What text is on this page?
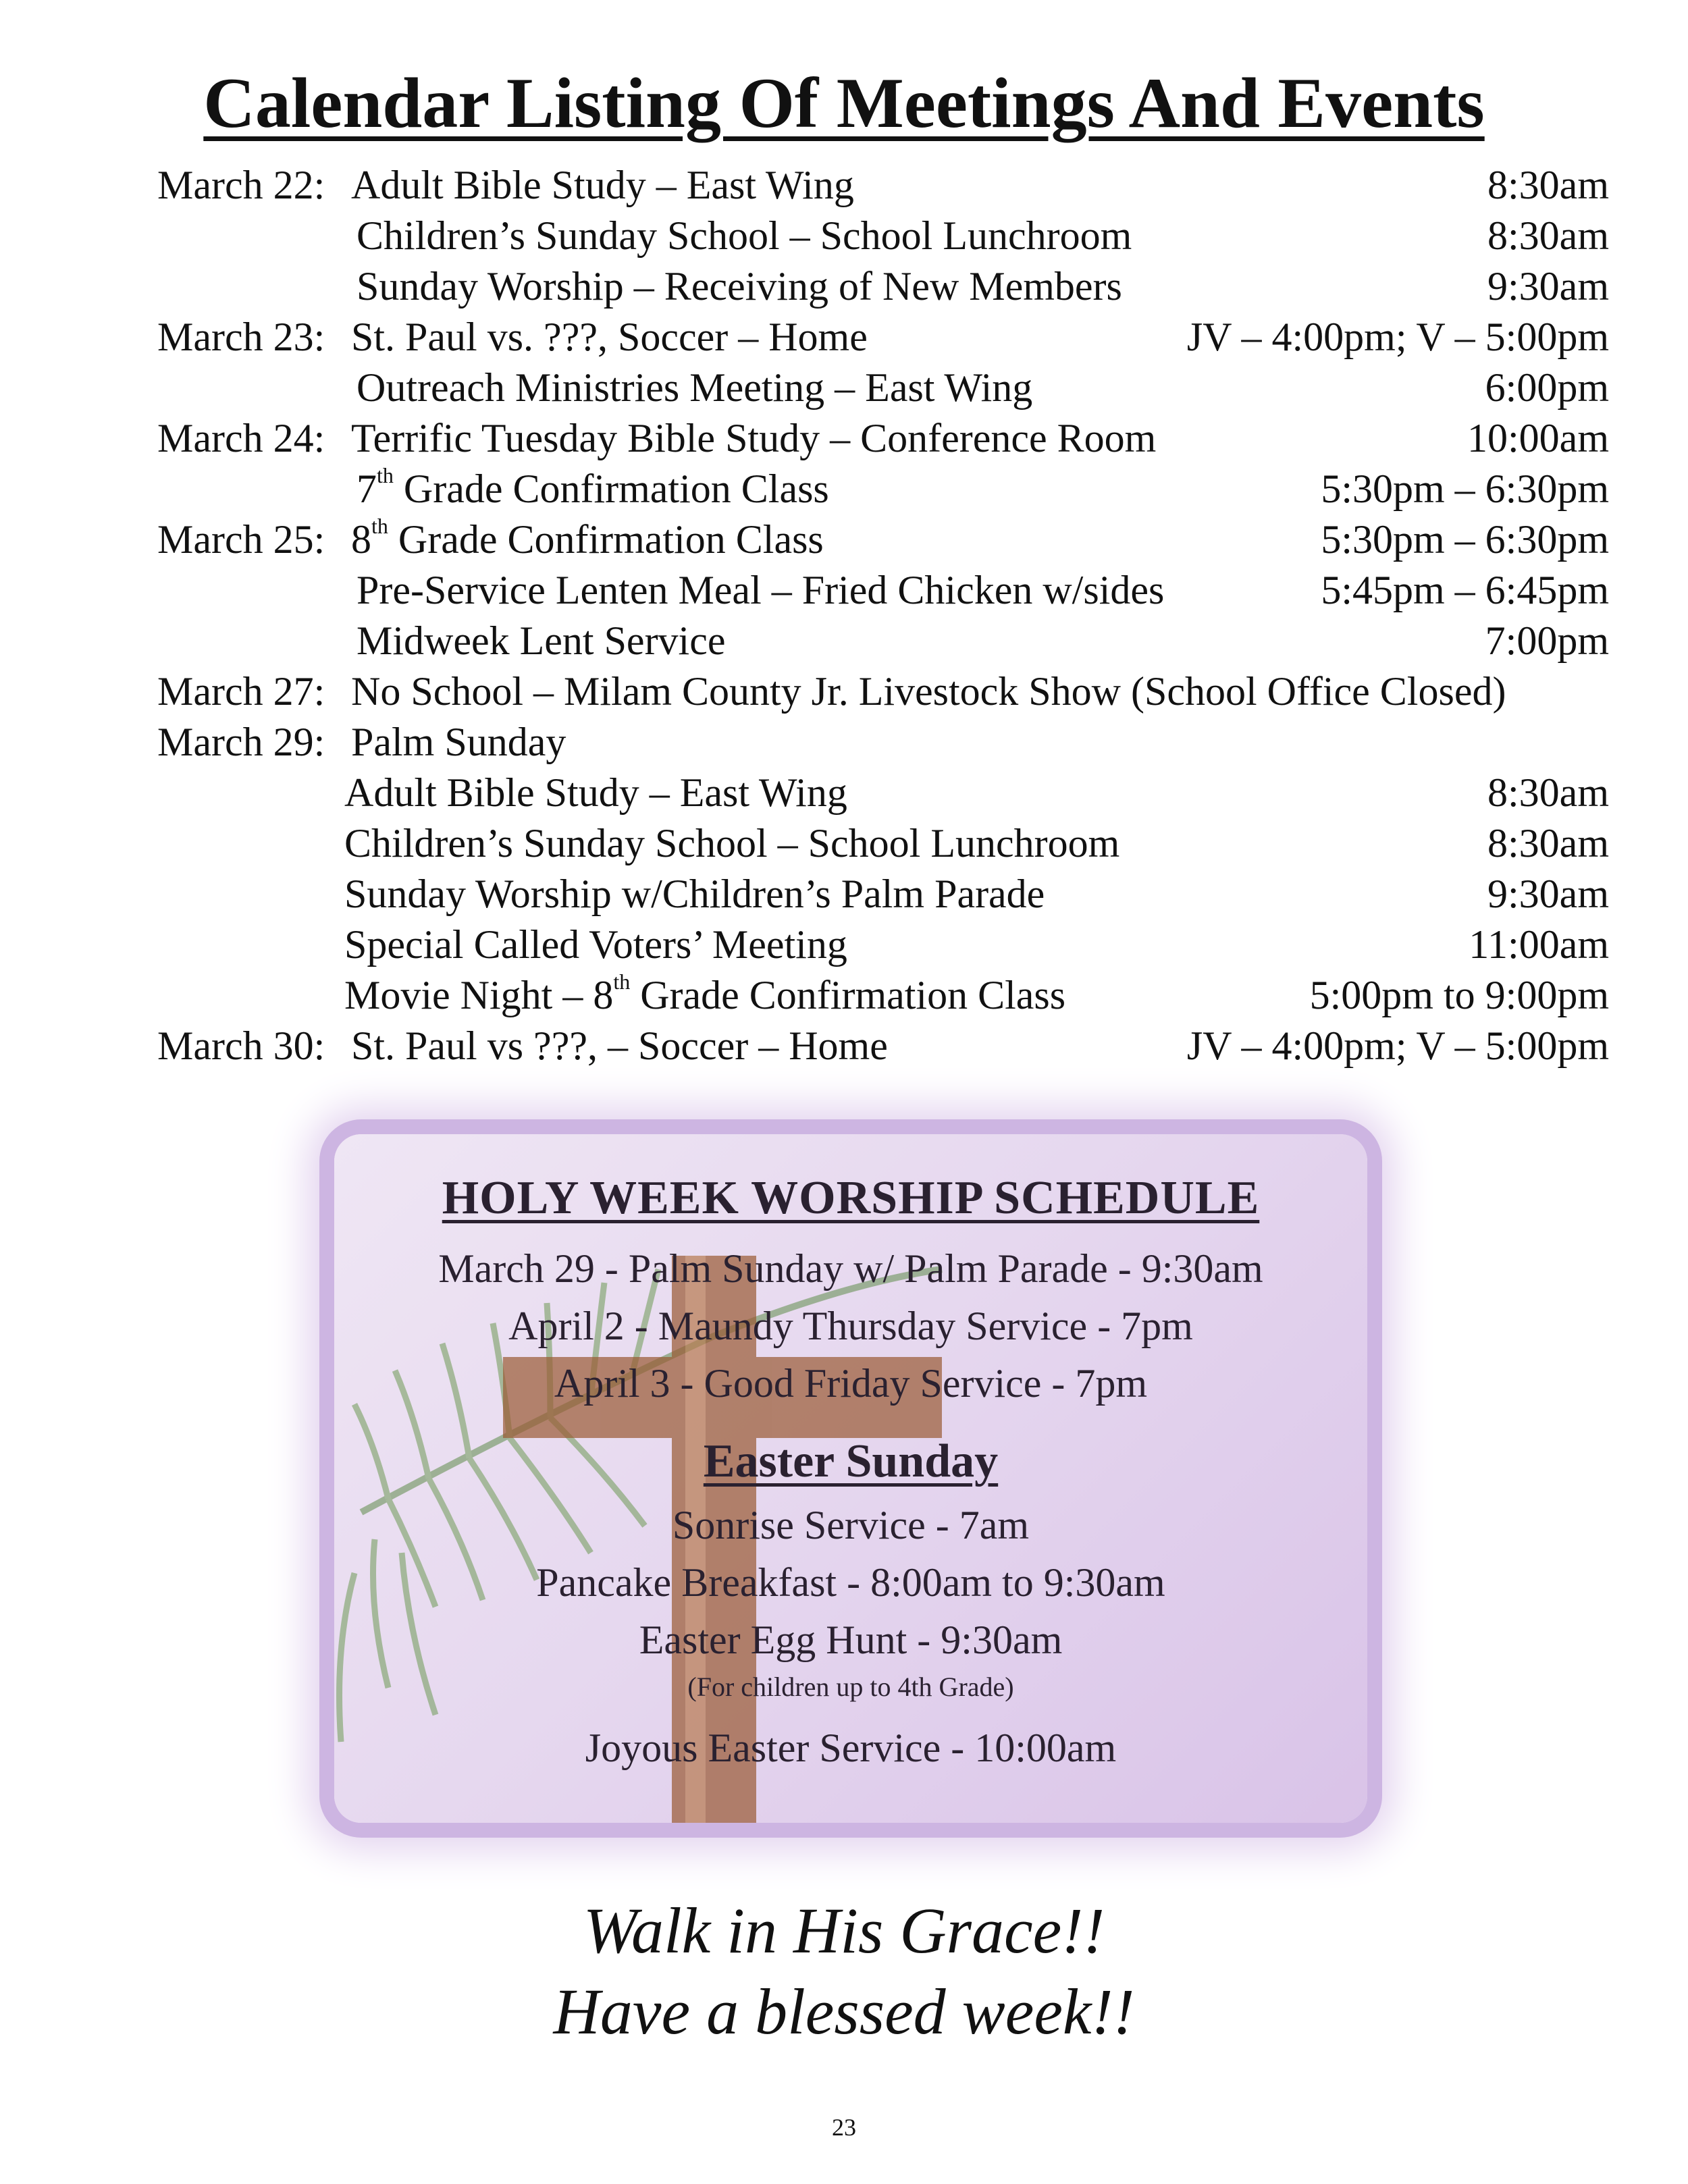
Calendar Listing Of Meetings And Events
March 22: Adult Bible Study – East Wing	8:30am
Children’s Sunday School – School Lunchroom	8:30am
Sunday Worship – Receiving of New Members	9:30am
March 23: St. Paul vs. ???, Soccer – Home	JV – 4:00pm; V – 5:00pm
Outreach Ministries Meeting – East Wing	6:00pm
March 24: Terrific Tuesday Bible Study – Conference Room	10:00am
7th Grade Confirmation Class	5:30pm – 6:30pm
March 25: 8th Grade Confirmation Class	5:30pm – 6:30pm
Pre-Service Lenten Meal – Fried Chicken w/sides	5:45pm – 6:45pm
Midweek Lent Service	7:00pm
March 27: No School – Milam County Jr. Livestock Show (School Office Closed)
March 29: Palm Sunday
Adult Bible Study – East Wing	8:30am
Children’s Sunday School – School Lunchroom	8:30am
Sunday Worship w/Children’s Palm Parade	9:30am
Special Called Voters’ Meeting	11:00am
Movie Night – 8th Grade Confirmation Class	5:00pm to 9:00pm
March 30: St. Paul vs ???, – Soccer – Home	JV – 4:00pm; V – 5:00pm
HOLY WEEK WORSHIP SCHEDULE
March 29 - Palm Sunday w/ Palm Parade - 9:30am
April 2 - Maundy Thursday Service - 7pm
April 3 - Good Friday Service - 7pm
Easter Sunday
Sonrise Service - 7am
Pancake Breakfast - 8:00am to 9:30am
Easter Egg Hunt - 9:30am
(For children up to 4th Grade)
Joyous Easter Service - 10:00am
Walk in His Grace!!
Have a blessed week!!
23
